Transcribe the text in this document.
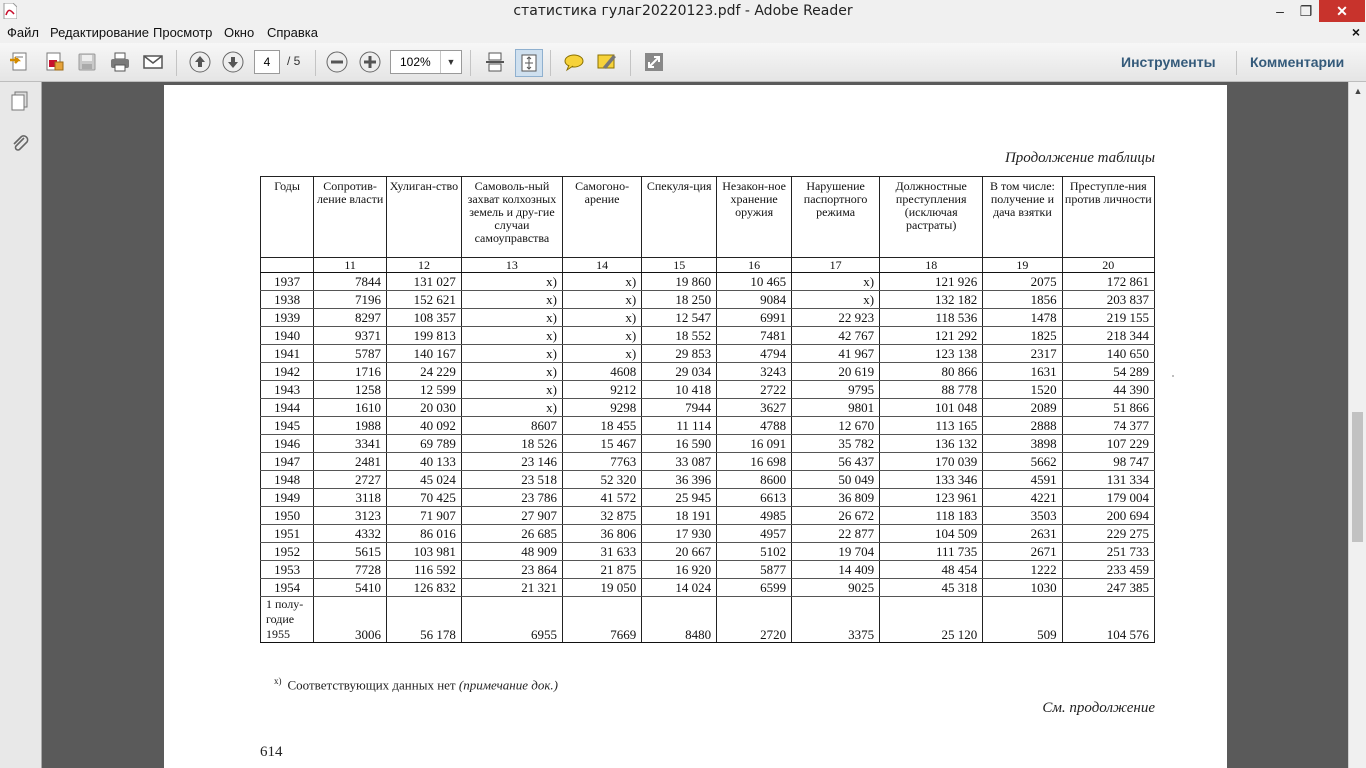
статистика гулаг20220123.pdf - Adobe Reader	‒	❐	✕
Файл Редактирование Просмотр Окно Справка	×
4	/ 5	102%	▼	Инструменты Комментарии
Продолжение таблицы
Годы	Сопротив-ление власти	Хулиган-ство	Самоволь-ный захват колхозных земель и дру-гие случаи самоуправства	Самогоно-арение	Спекуля-ция	Незакон-ное хранение оружия	Нарушение паспортного режима	Должностные преступления (исключая растраты)	В том числе: получение и дача взятки	Преступле-ния против личности
	11	12	13	14	15	16	17	18	19	20
1937	7844	131 027	х)	х)	19 860	10 465	х)	121 926	2075	172 861
1938	7196	152 621	х)	х)	18 250	9084	х)	132 182	1856	203 837
1939	8297	108 357	х)	х)	12 547	6991	22 923	118 536	1478	219 155
1940	9371	199 813	х)	х)	18 552	7481	42 767	121 292	1825	218 344
1941	5787	140 167	х)	х)	29 853	4794	41 967	123 138	2317	140 650
1942	1716	24 229	х)	4608	29 034	3243	20 619	80 866	1631	54 289
1943	1258	12 599	х)	9212	10 418	2722	9795	88 778	1520	44 390
1944	1610	20 030	х)	9298	7944	3627	9801	101 048	2089	51 866
1945	1988	40 092	8607	18 455	11 114	4788	12 670	113 165	2888	74 377
1946	3341	69 789	18 526	15 467	16 590	16 091	35 782	136 132	3898	107 229
1947	2481	40 133	23 146	7763	33 087	16 698	56 437	170 039	5662	98 747
1948	2727	45 024	23 518	52 320	36 396	8600	50 049	133 346	4591	131 334
1949	3118	70 425	23 786	41 572	25 945	6613	36 809	123 961	4221	179 004
1950	3123	71 907	27 907	32 875	18 191	4985	26 672	118 183	3503	200 694
1951	4332	86 016	26 685	36 806	17 930	4957	22 877	104 509	2631	229 275
1952	5615	103 981	48 909	31 633	20 667	5102	19 704	111 735	2671	251 733
1953	7728	116 592	23 864	21 875	16 920	5877	14 409	48 454	1222	233 459
1954	5410	126 832	21 321	19 050	14 024	6599	9025	45 318	1030	247 385
1 полу-годие 1955	3006	56 178	6955	7669	8480	2720	3375	25 120	509	104 576
$^{х)}$ Соответствующих данных нет (примечание док.)
См. продолжение
614
▲
